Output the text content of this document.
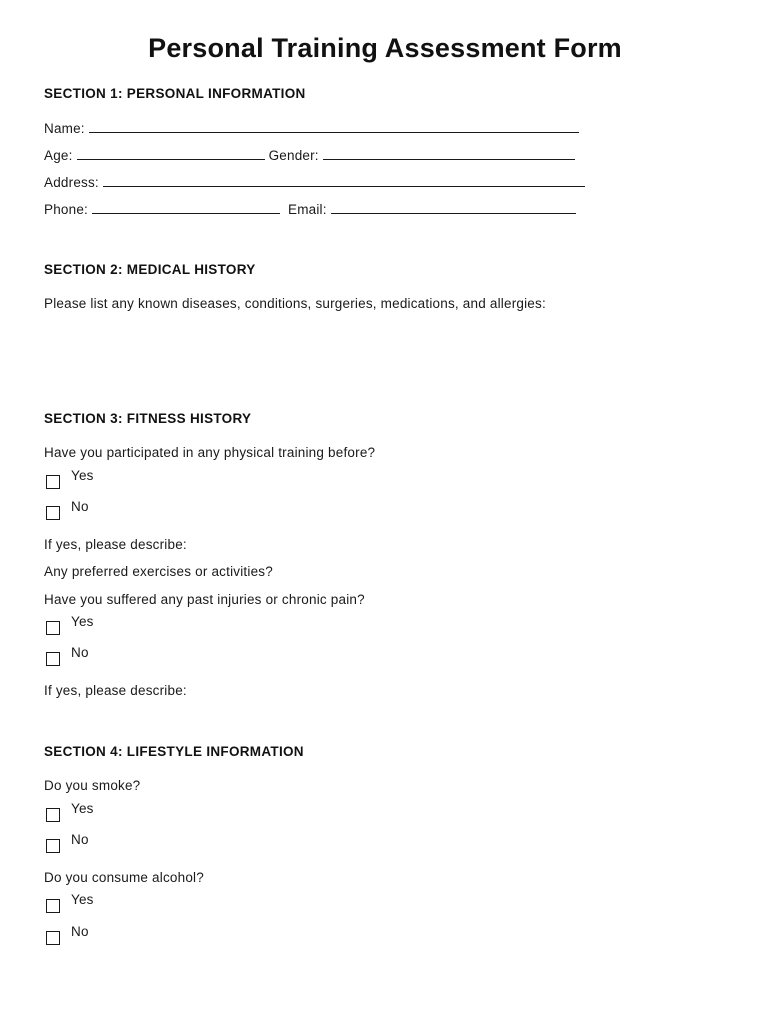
Personal Training Assessment Form
SECTION 1: PERSONAL INFORMATION
Name:
Age:	Gender:
Address:
Phone:	Email:
SECTION 2: MEDICAL HISTORY
Please list any known diseases, conditions, surgeries, medications, and allergies:
SECTION 3: FITNESS HISTORY
Have you participated in any physical training before?
Yes
No
If yes, please describe:
Any preferred exercises or activities?
Have you suffered any past injuries or chronic pain?
Yes
No
If yes, please describe:
SECTION 4: LIFESTYLE INFORMATION
Do you smoke?
Yes
No
Do you consume alcohol?
Yes
No
